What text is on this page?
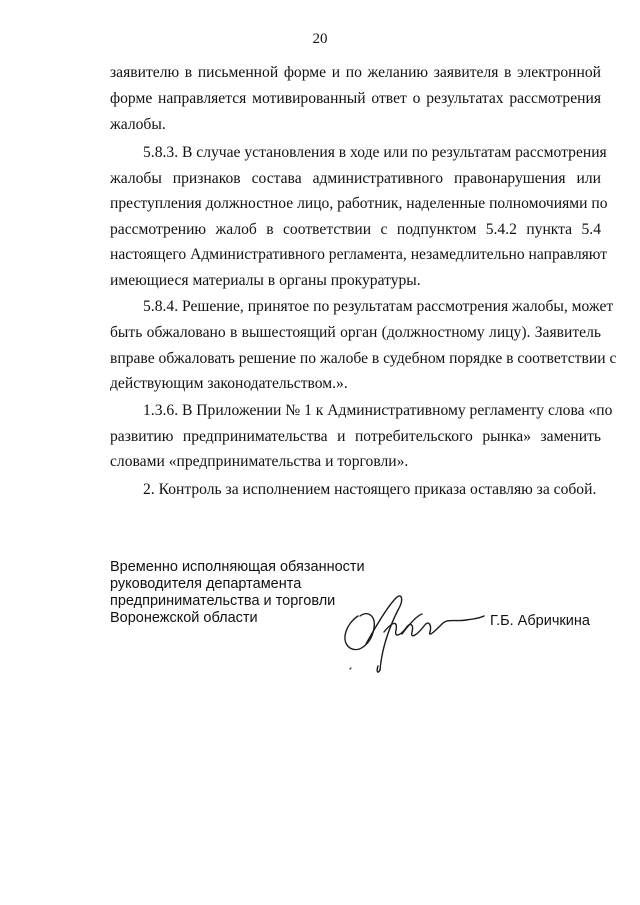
20
заявителю в письменной форме и по желанию заявителя в электронной
форме направляется мотивированный ответ о результатах рассмотрения
жалобы.
5.8.3. В случае установления в ходе или по результатам рассмотрения
жалобы признаков состава административного правонарушения или
преступления должностное лицо, работник, наделенные полномочиями по
рассмотрению жалоб в соответствии с подпунктом 5.4.2 пункта 5.4
настоящего Административного регламента, незамедлительно направляют
имеющиеся материалы в органы прокуратуры.
5.8.4. Решение, принятое по результатам рассмотрения жалобы, может
быть обжаловано в вышестоящий орган (должностному лицу). Заявитель
вправе обжаловать решение по жалобе в судебном порядке в соответствии с
действующим законодательством.».
1.3.6. В Приложении № 1 к Административному регламенту слова «по
развитию предпринимательства и потребительского рынка» заменить
словами «предпринимательства и торговли».
2. Контроль за исполнением настоящего приказа оставляю за собой.
Временно исполняющая обязанности
руководителя департамента
предпринимательства и торговли
Воронежской области	Г.Б. Абричкина
